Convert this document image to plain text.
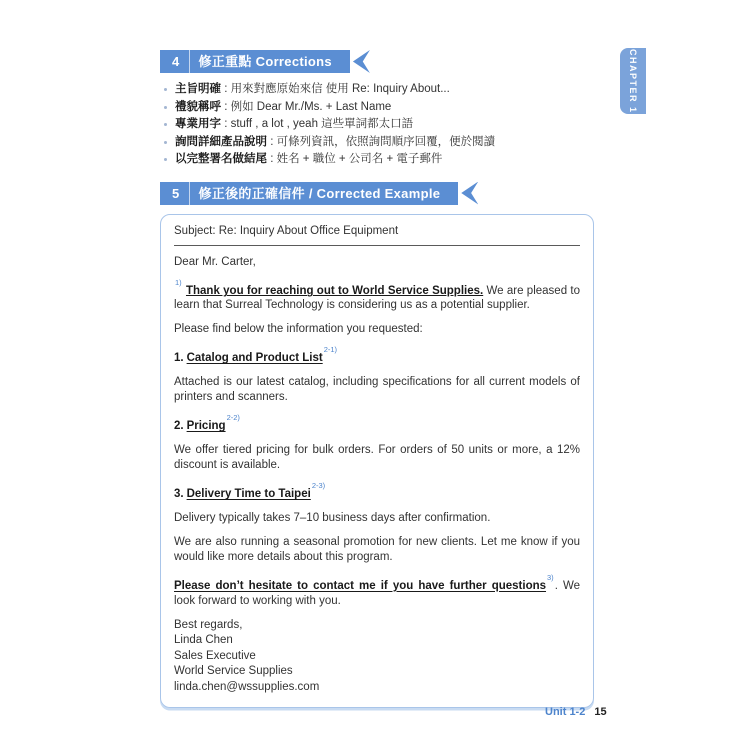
CHAPTER 1
4 修正重點 Corrections
主旨明確 : 用來對應原始來信 使用 Re: Inquiry About...
禮貌稱呼 : 例如 Dear Mr./Ms. + Last Name
專業用字 : stuff , a lot , yeah 這些單詞都太口語
詢問詳細產品說明 : 可條列資訊，依照詢問順序回覆，便於閱讀
以完整署名做結尾 : 姓名 + 職位 + 公司名 + 電子郵件
5 修正後的正確信件 / Corrected Example
Subject: Re: Inquiry About Office Equipment

Dear Mr. Carter,

$^{1)}$ Thank you for reaching out to World Service Supplies. We are pleased to learn that Surreal Technology is considering us as a potential supplier.

Please find below the information you requested:

1. Catalog and Product List$^{2-1)}$

Attached is our latest catalog, including specifications for all current models of printers and scanners.

2. Pricing$^{2-2)}$

We offer tiered pricing for bulk orders. For orders of 50 units or more, a 12% discount is available.

3. Delivery Time to Taipei$^{2-3)}$

Delivery typically takes 7–10 business days after confirmation.

We are also running a seasonal promotion for new clients. Let me know if you would like more details about this program.

Please don’t hesitate to contact me if you have further questions$^{3)}$. We look forward to working with you.

Best regards,
Linda Chen
Sales Executive
World Service Supplies
linda.chen@wssupplies.com
Unit 1-2 15
